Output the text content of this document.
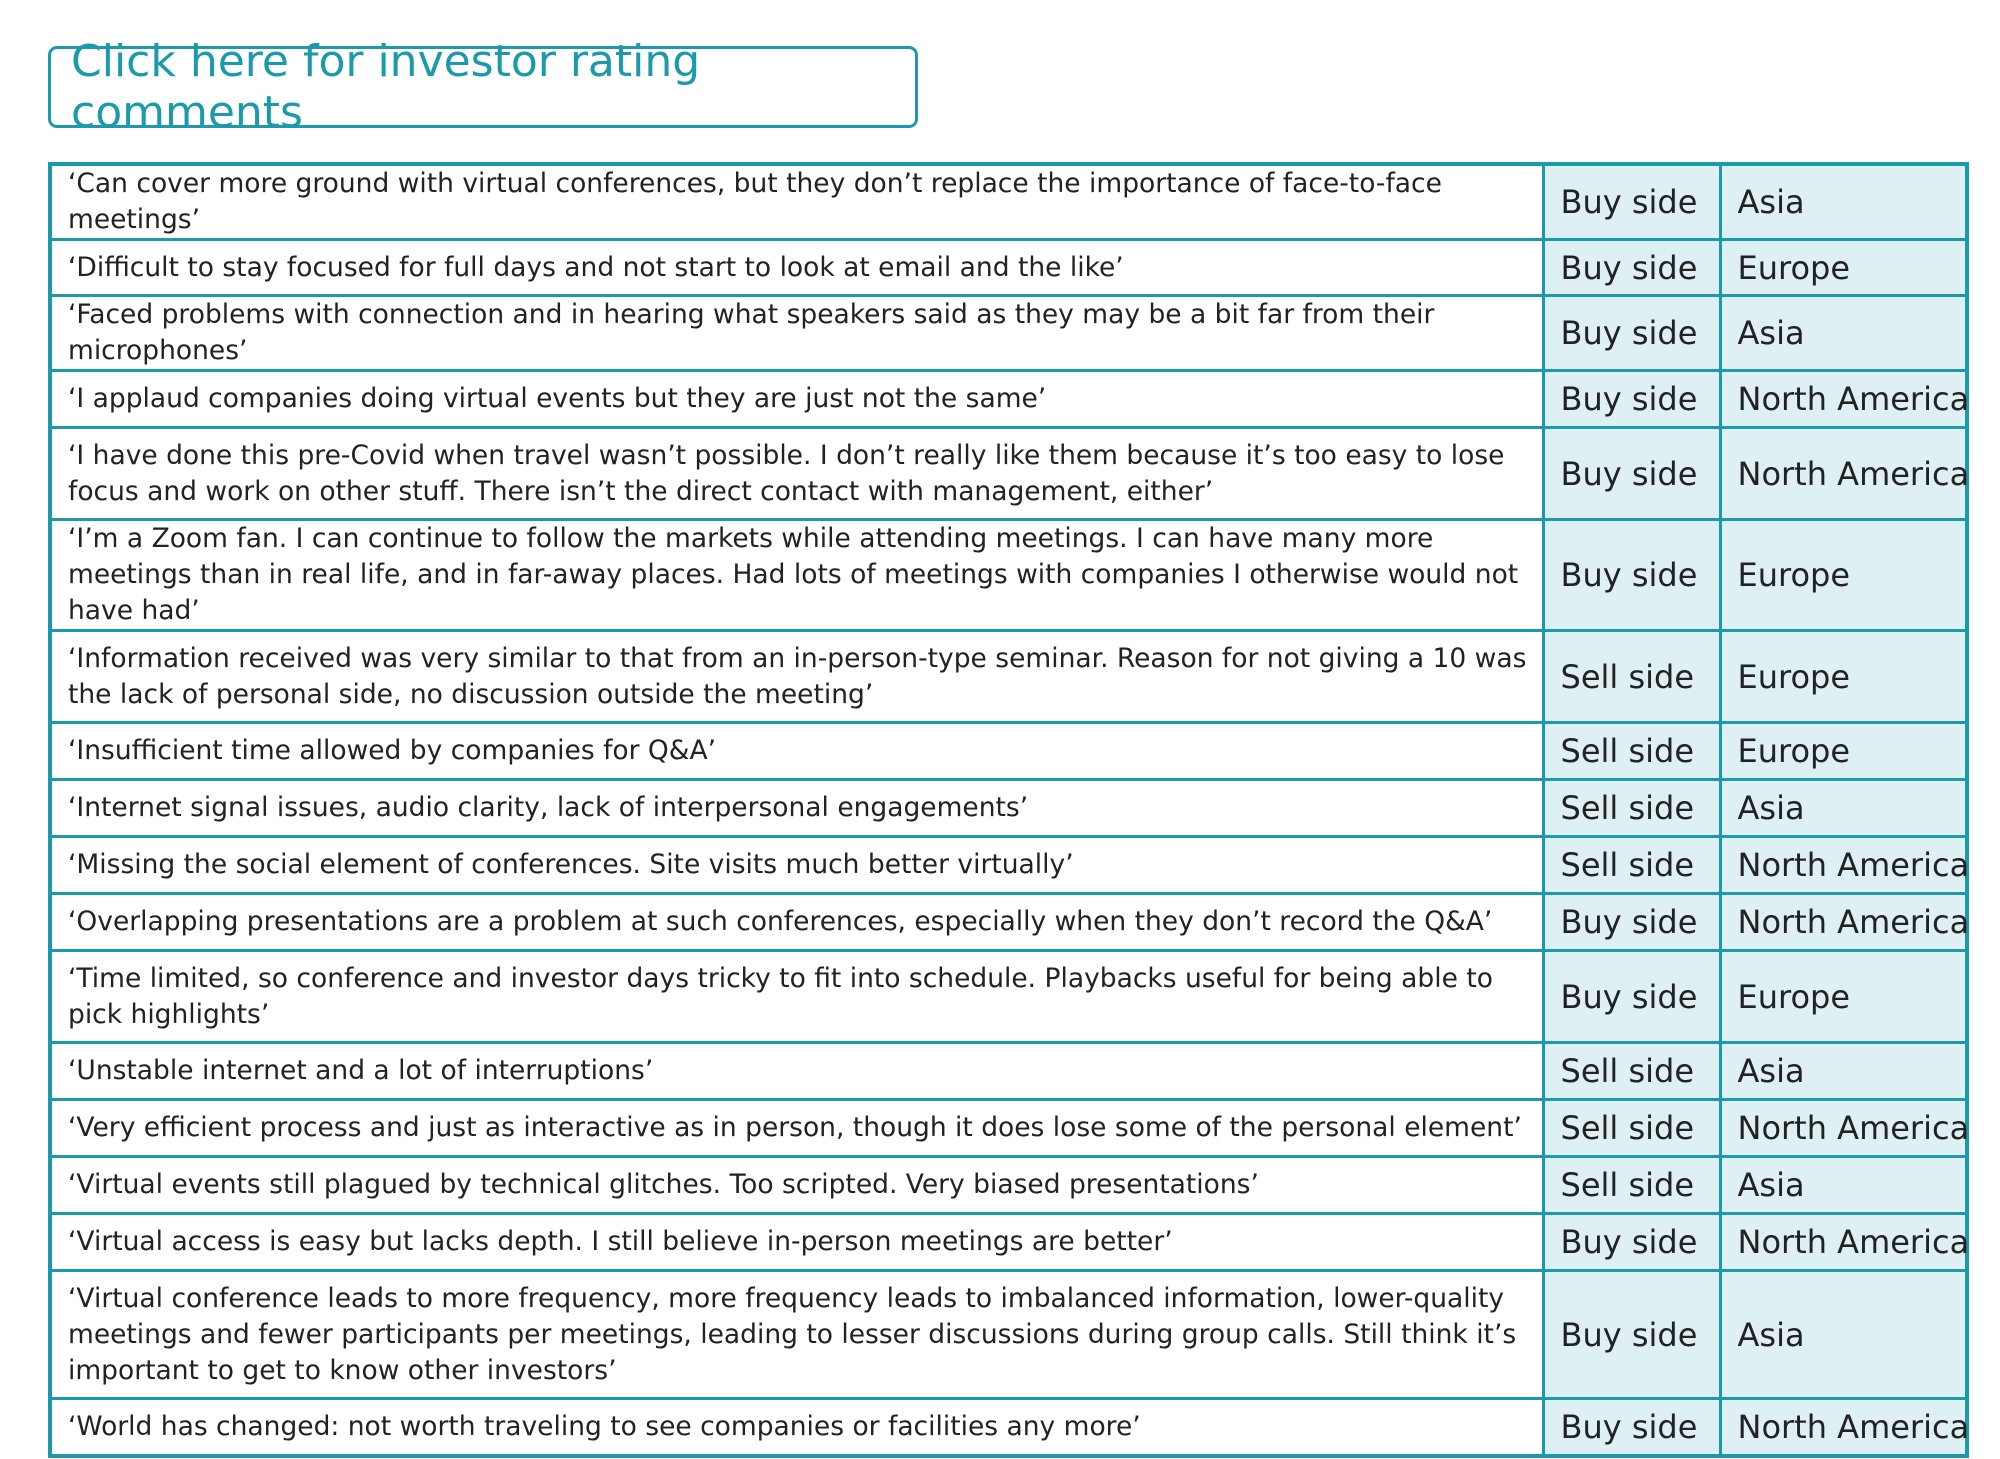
Click here for investor rating comments
‘Can cover more ground with virtual conferences, but they don’t replace the importance of face-to-face meetings’	Buy side	Asia
‘Difficult to stay focused for full days and not start to look at email and the like’	Buy side	Europe
‘Faced problems with connection and in hearing what speakers said as they may be a bit far from their microphones’	Buy side	Asia
‘I applaud companies doing virtual events but they are just not the same’	Buy side	North America
‘I have done this pre-Covid when travel wasn’t possible. I don’t really like them because it’s too easy to lose focus and work on other stuff. There isn’t the direct contact with management, either’	Buy side	North America
‘I’m a Zoom fan. I can continue to follow the markets while attending meetings. I can have many more meetings than in real life, and in far-away places. Had lots of meetings with companies I otherwise would not have had’	Buy side	Europe
‘Information received was very similar to that from an in-person-type seminar. Reason for not giving a 10 was the lack of personal side, no discussion outside the meeting’	Sell side	Europe
‘Insufficient time allowed by companies for Q&A’	Sell side	Europe
‘Internet signal issues, audio clarity, lack of interpersonal engagements’	Sell side	Asia
‘Missing the social element of conferences. Site visits much better virtually’	Sell side	North America
‘Overlapping presentations are a problem at such conferences, especially when they don’t record the Q&A’	Buy side	North America
‘Time limited, so conference and investor days tricky to fit into schedule. Playbacks useful for being able to pick highlights’	Buy side	Europe
‘Unstable internet and a lot of interruptions’	Sell side	Asia
‘Very efficient process and just as interactive as in person, though it does lose some of the personal element’	Sell side	North America
‘Virtual events still plagued by technical glitches. Too scripted. Very biased presentations’	Sell side	Asia
‘Virtual access is easy but lacks depth. I still believe in-person meetings are better’	Buy side	North America
‘Virtual conference leads to more frequency, more frequency leads to imbalanced information, lower-quality meetings and fewer participants per meetings, leading to lesser discussions during group calls. Still think it’s important to get to know other investors’	Buy side	Asia
‘World has changed: not worth traveling to see companies or facilities any more’	Buy side	North America
